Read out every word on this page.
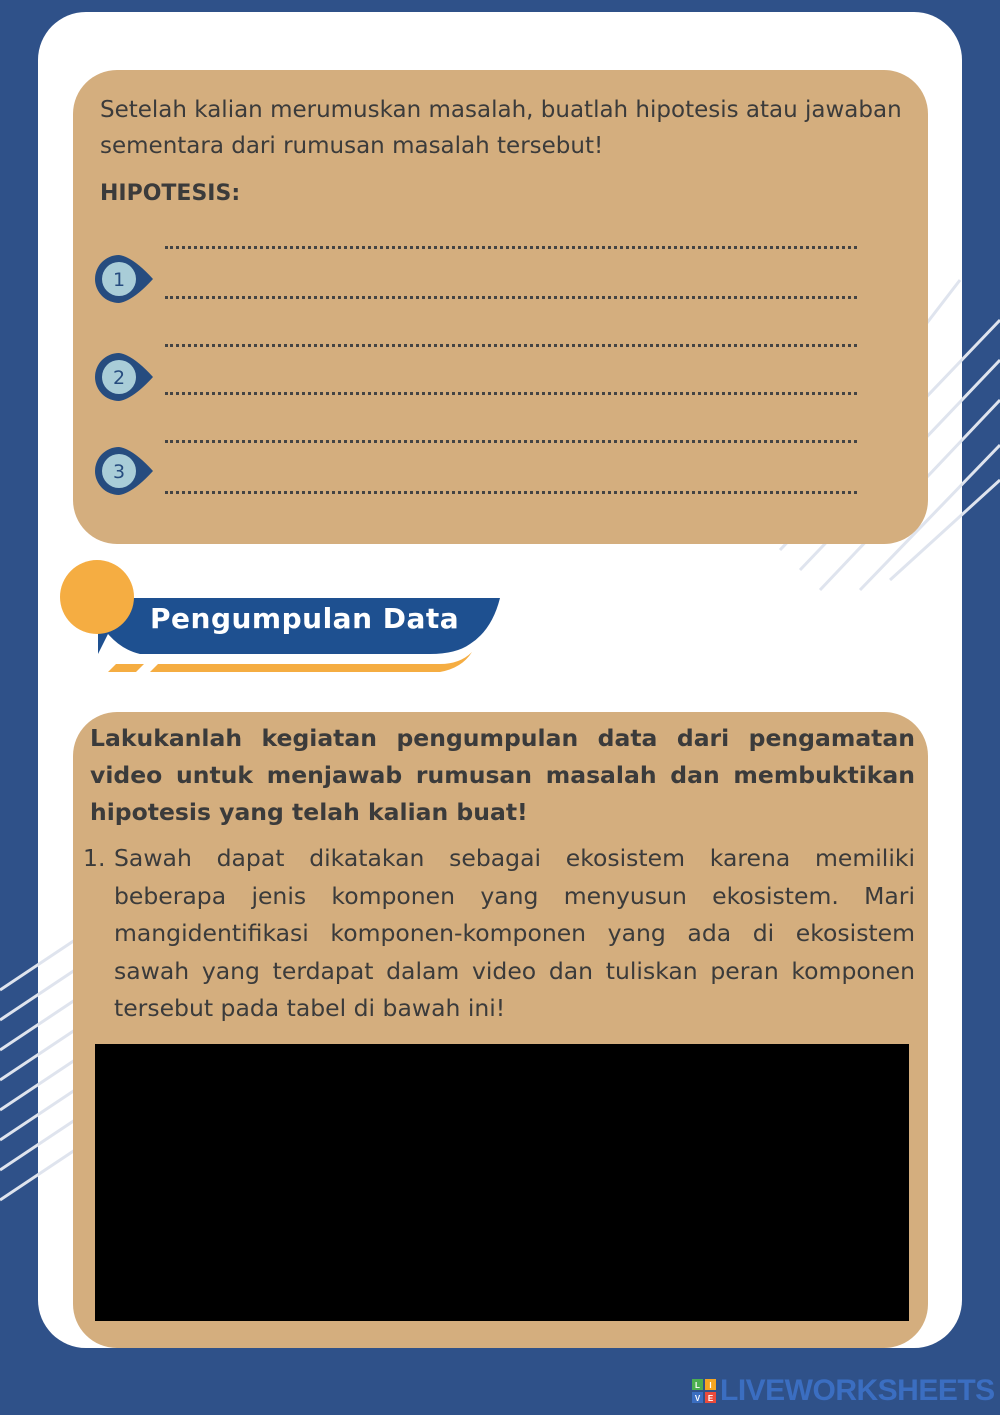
Setelah kalian merumuskan masalah, buatlah hipotesis atau jawaban sementara dari rumusan masalah tersebut!
HIPOTESIS:
1
2
3
Pengumpulan Data
Lakukanlah kegiatan pengumpulan data dari pengamatan video untuk menjawab rumusan masalah dan membuktikan hipotesis yang telah kalian buat!
1. Sawah dapat dikatakan sebagai ekosistem karena memiliki beberapa jenis komponen yang menyusun ekosistem. Mari mangidentifikasi komponen-komponen yang ada di ekosistem sawah yang terdapat dalam video dan tuliskan peran komponen tersebut pada tabel di bawah ini!
L I
V E LIVEWORKSHEETS
